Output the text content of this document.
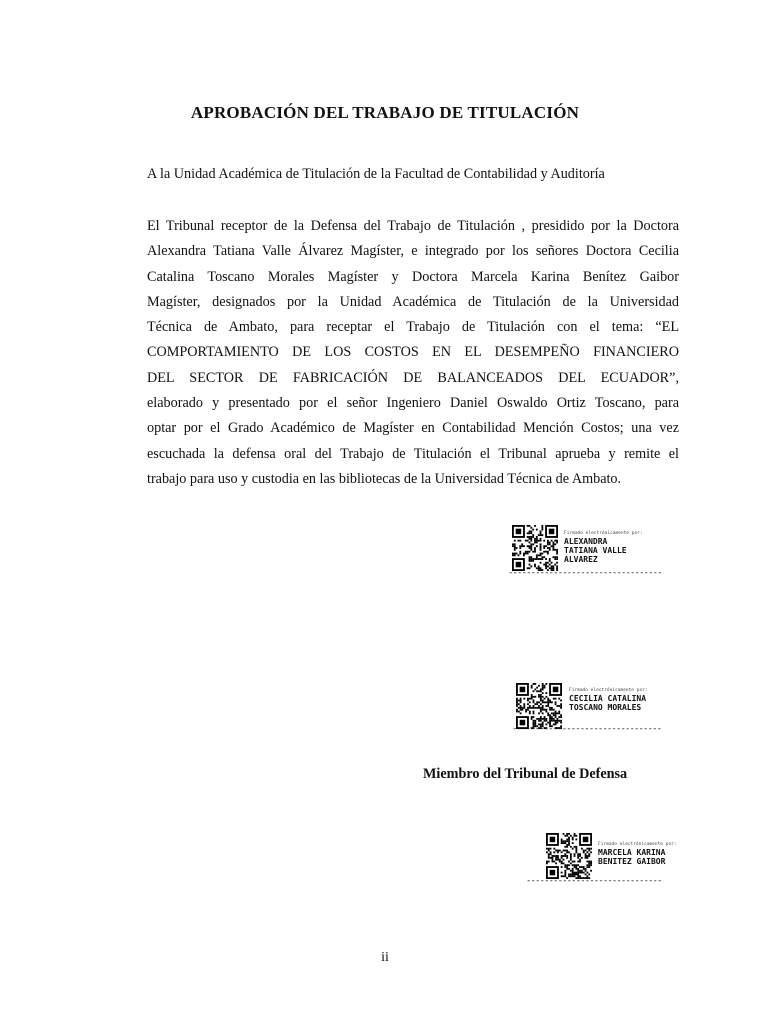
APROBACIÓN DEL TRABAJO DE TITULACIÓN
A la Unidad Académica de Titulación de la Facultad de Contabilidad y Auditoría
El Tribunal receptor de la Defensa del Trabajo de Titulación , presidido por la Doctora
Alexandra Tatiana Valle Álvarez Magíster, e integrado por los señores Doctora Cecilia
Catalina Toscano Morales Magíster y Doctora Marcela Karina Benítez Gaibor
Magíster, designados por la Unidad Académica de Titulación de la Universidad
Técnica de Ambato, para receptar el Trabajo de Titulación con el tema: “EL
COMPORTAMIENTO DE LOS COSTOS EN EL DESEMPEÑO FINANCIERO
DEL SECTOR DE FABRICACIÓN DE BALANCEADOS DEL ECUADOR”,
elaborado y presentado por el señor Ingeniero Daniel Oswaldo Ortiz Toscano, para
optar por el Grado Académico de Magíster en Contabilidad Mención Costos; una vez
escuchada la defensa oral del Trabajo de Titulación el Tribunal aprueba y remite el
trabajo para uso y custodia en las bibliotecas de la Universidad Técnica de Ambato.
Firmado electrónicamente por:
ALEXANDRA
TATIANA VALLE
ALVAREZ
----------------------------------
Firmado electrónicamente por:
CECILIA CATALINA
TOSCANO MORALES
---------------------------------
Miembro del Tribunal de Defensa
Firmado electrónicamente por:
MARCELA KARINA
BENITEZ GAIBOR
------------------------------
ii
